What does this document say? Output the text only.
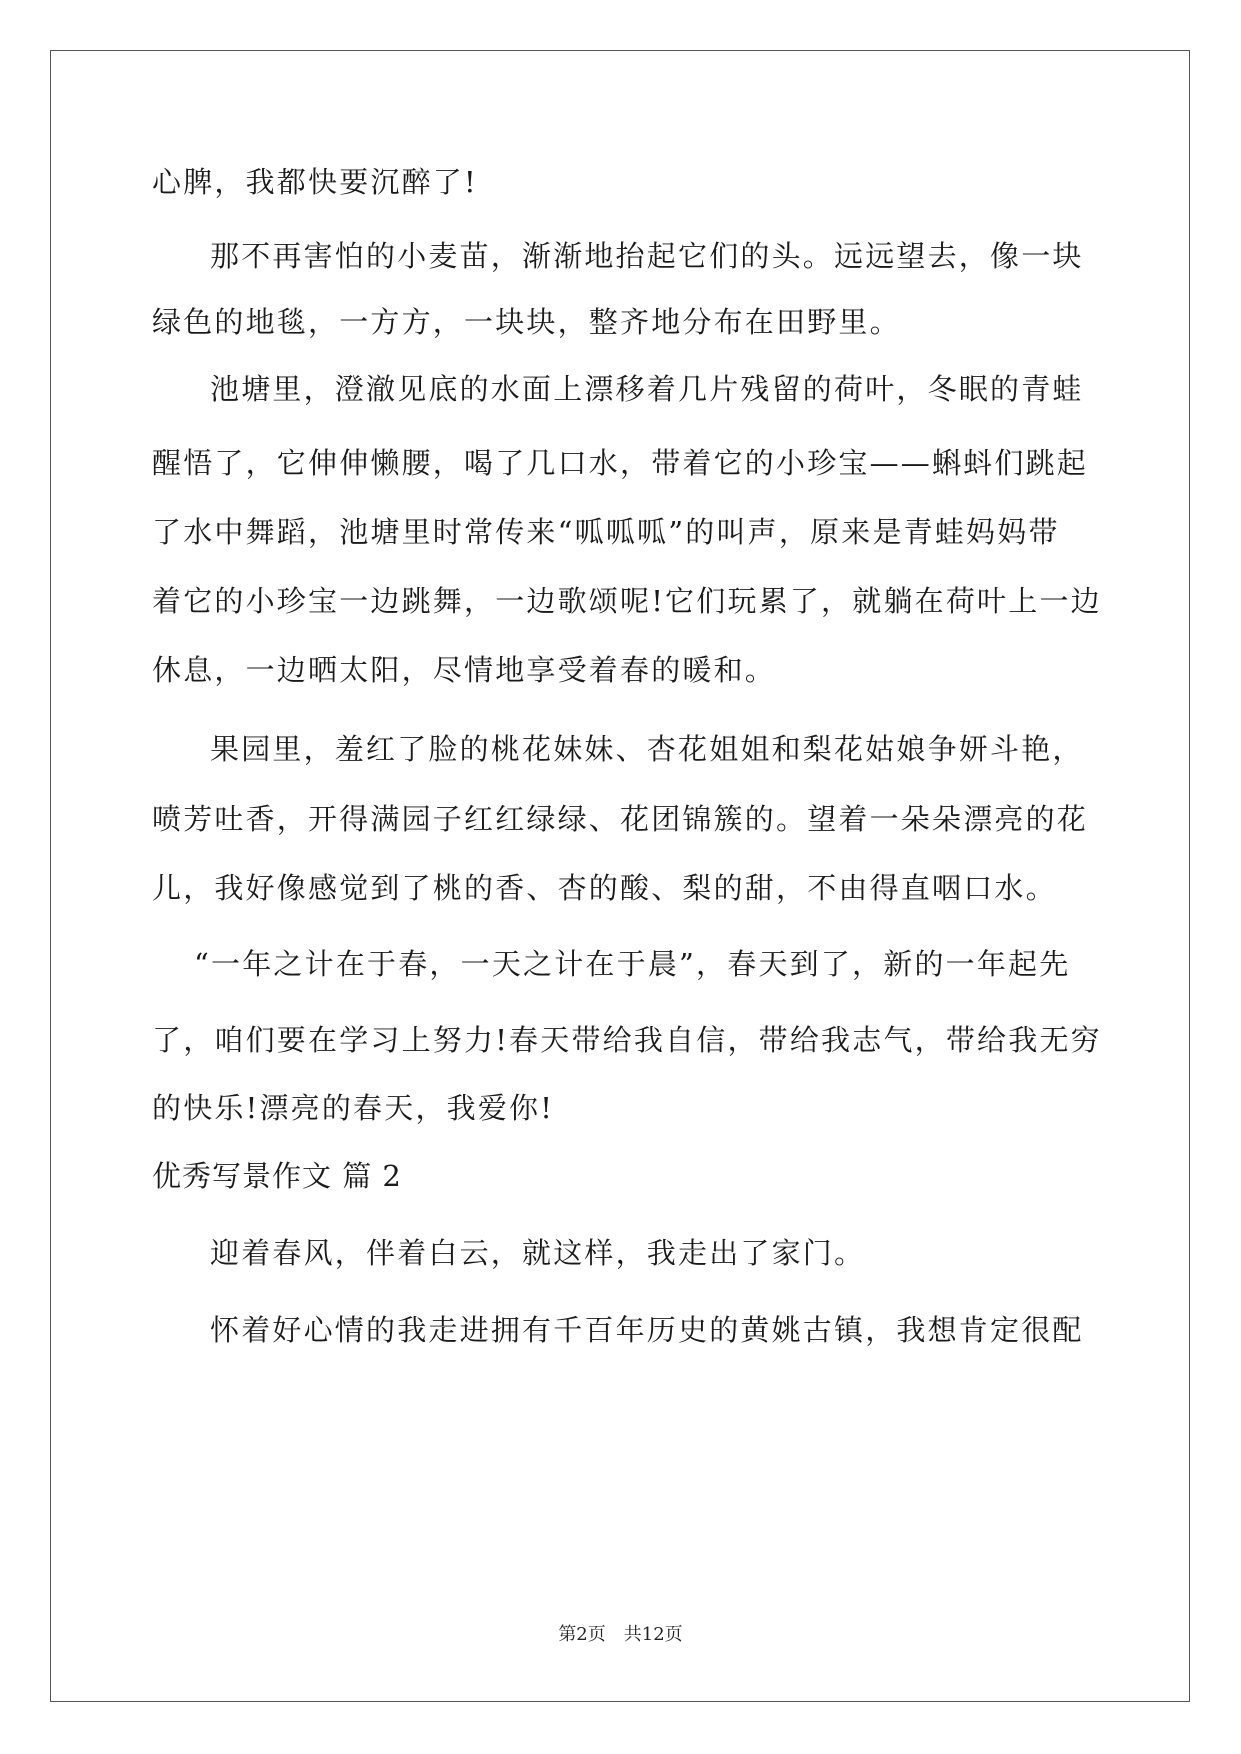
心脾，我都快要沉醉了!
那不再害怕的小麦苗，渐渐地抬起它们的头。远远望去，像一块
绿色的地毯，一方方，一块块，整齐地分布在田野里。
池塘里，澄澈见底的水面上漂移着几片残留的荷叶，冬眠的青蛙
醒悟了，它伸伸懒腰，喝了几口水，带着它的小珍宝——蝌蚪们跳起
了水中舞蹈，池塘里时常传来“呱呱呱”的叫声，原来是青蛙妈妈带
着它的小珍宝一边跳舞，一边歌颂呢!它们玩累了，就躺在荷叶上一边
休息，一边晒太阳，尽情地享受着春的暖和。
果园里，羞红了脸的桃花妹妹、杏花姐姐和梨花姑娘争妍斗艳，
喷芳吐香，开得满园子红红绿绿、花团锦簇的。望着一朵朵漂亮的花
儿，我好像感觉到了桃的香、杏的酸、梨的甜，不由得直咽口水。
“一年之计在于春，一天之计在于晨”，春天到了，新的一年起先
了，咱们要在学习上努力!春天带给我自信，带给我志气，带给我无穷
的快乐!漂亮的春天，我爱你!
优秀写景作文 篇 2
迎着春风，伴着白云，就这样，我走出了家门。
怀着好心情的我走进拥有千百年历史的黄姚古镇，我想肯定很配
第2页 共12页
